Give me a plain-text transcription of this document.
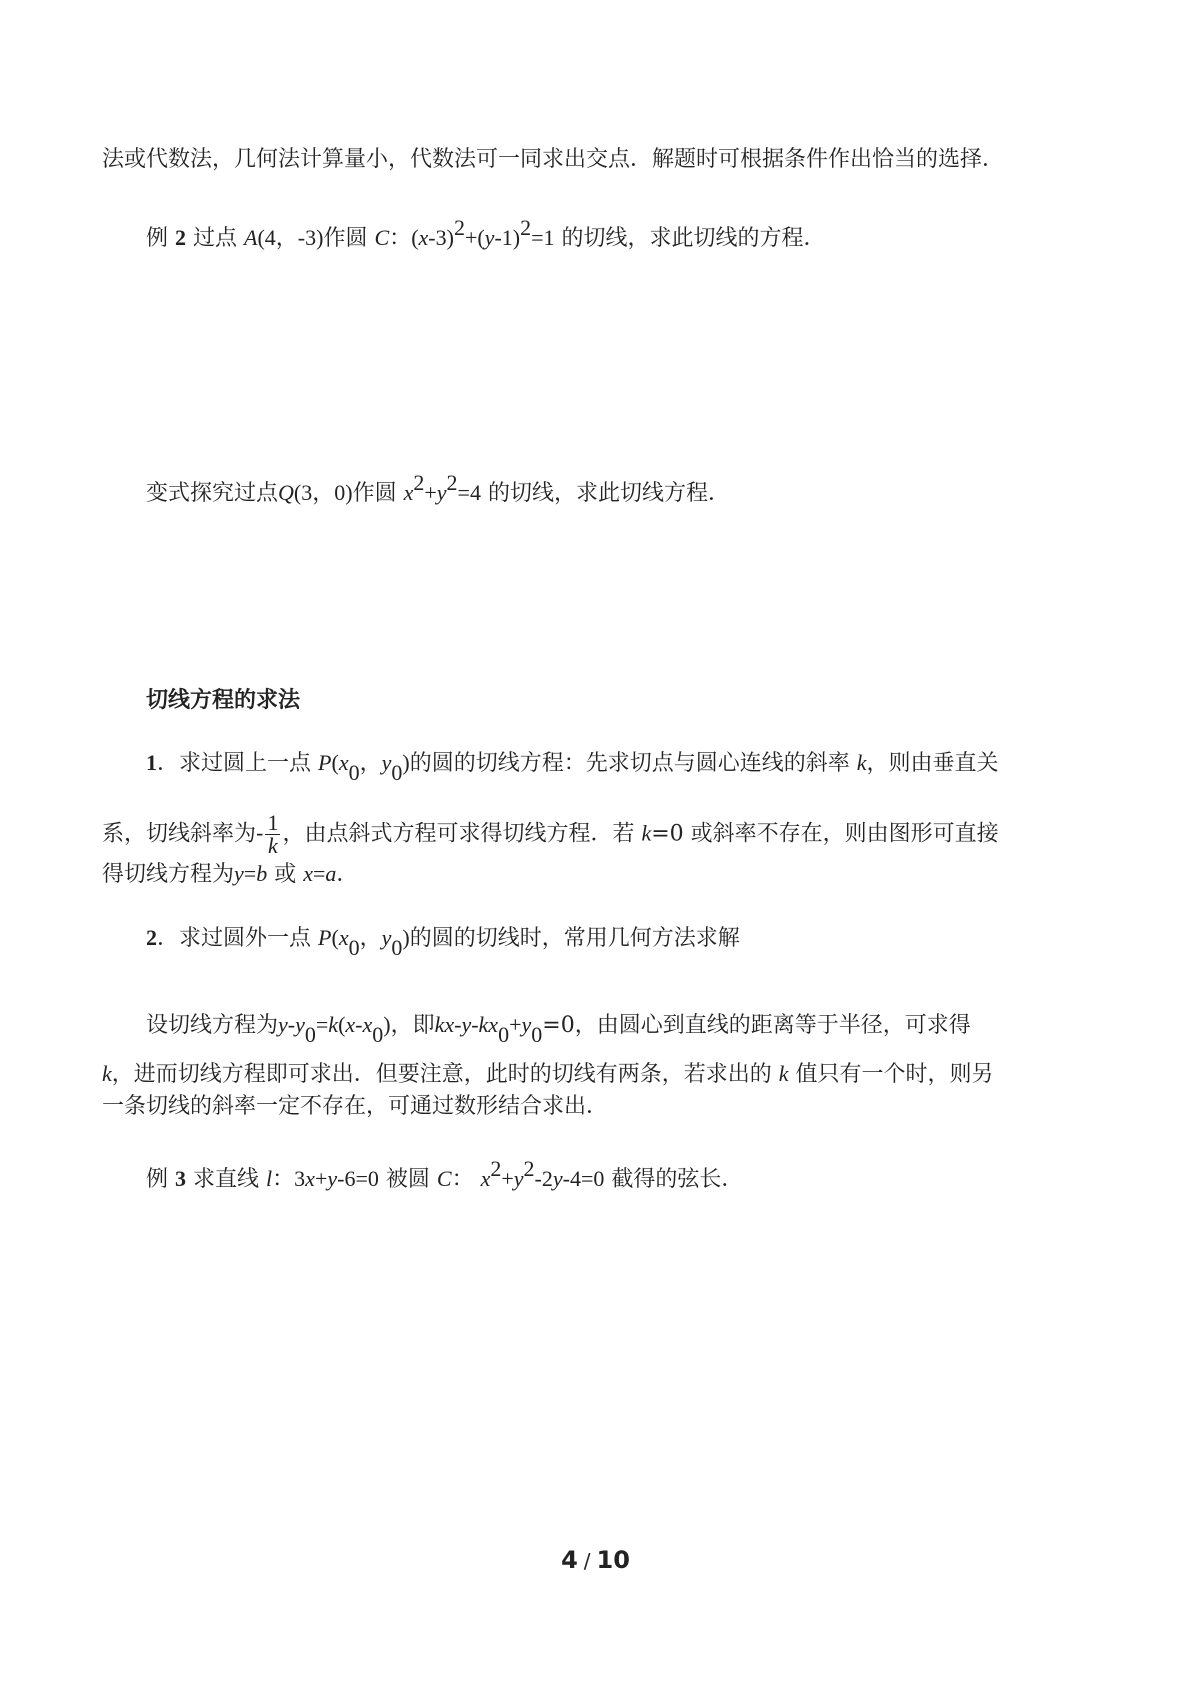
法或代数法，几何法计算量小，代数法可一同求出交点．解题时可根据条件作出恰当的选择．
例 2 过点 A(4，-3)作圆 C：$(x-3)^2+(y-1)^2=1$ 的切线，求此切线的方程．
变式探究过点Q(3，0)作圆 $x^2+y^2=4$ 的切线，求此切线方程．
切线方程的求法
1．求过圆上一点 $P(x_0$，$y_0$)的圆的切线方程：先求切点与圆心连线的斜率 k，则由垂直关
系，切线斜率为- $\frac{1}{k}$ ，由点斜式方程可求得切线方程．若 k=0 或斜率不存在，则由图形可直接
得切线方程为y=b 或 x=a．
2．求过圆外一点 $P(x_0$，$y_0$)的圆的切线时，常用几何方法求解
设切线方程为$y-y_0=k(x-x_0)$，即$kx-y-kx_0+y_0=0$，由圆心到直线的距离等于半径，可求得
k，进而切线方程即可求出．但要注意，此时的切线有两条，若求出的 k 值只有一个时，则另
一条切线的斜率一定不存在，可通过数形结合求出．
例 3 求直线 l：3x+y-6=0 被圆 C： $x^2+y^2-2y-4=0$ 截得的弦长．
4 / 10
